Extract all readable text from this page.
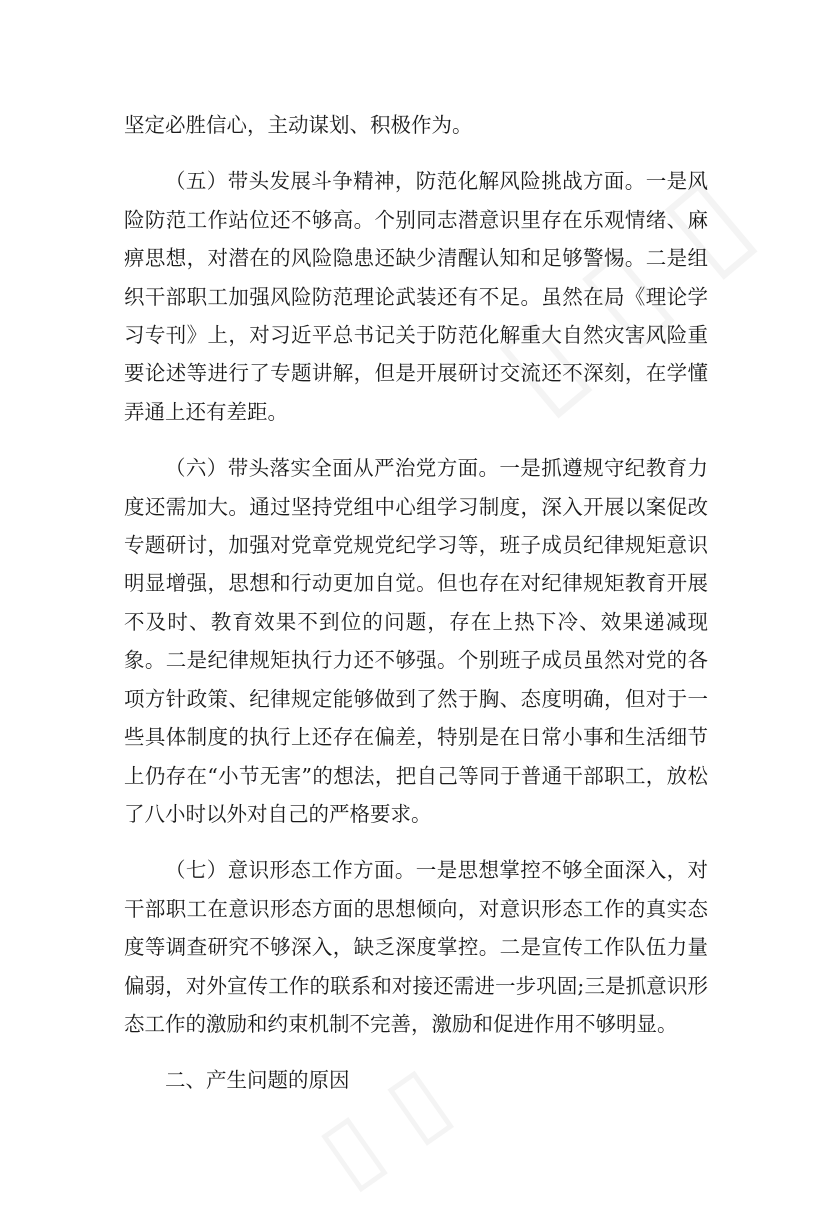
坚定必胜信心，主动谋划、积极作为。

（五）带头发展斗争精神，防范化解风险挑战方面。一是风险防范工作站位还不够高。个别同志潜意识里存在乐观情绪、麻痹思想，对潜在的风险隐患还缺少清醒认知和足够警惕。二是组织干部职工加强风险防范理论武装还有不足。虽然在局《理论学习专刊》上，对习近平总书记关于防范化解重大自然灾害风险重要论述等进行了专题讲解，但是开展研讨交流还不深刻，在学懂弄通上还有差距。

（六）带头落实全面从严治党方面。一是抓遵规守纪教育力度还需加大。通过坚持党组中心组学习制度，深入开展以案促改专题研讨，加强对党章党规党纪学习等，班子成员纪律规矩意识明显增强，思想和行动更加自觉。但也存在对纪律规矩教育开展不及时、教育效果不到位的问题，存在上热下冷、效果递减现象。二是纪律规矩执行力还不够强。个别班子成员虽然对党的各项方针政策、纪律规定能够做到了然于胸、态度明确，但对于一些具体制度的执行上还存在偏差，特别是在日常小事和生活细节上仍存在“小节无害”的想法，把自己等同于普通干部职工，放松了八小时以外对自己的严格要求。

（七）意识形态工作方面。一是思想掌控不够全面深入，对干部职工在意识形态方面的思想倾向，对意识形态工作的真实态度等调查研究不够深入，缺乏深度掌控。二是宣传工作队伍力量偏弱，对外宣传工作的联系和对接还需进一步巩固;三是抓意识形态工作的激励和约束机制不完善，激励和促进作用不够明显。

二、产生问题的原因
